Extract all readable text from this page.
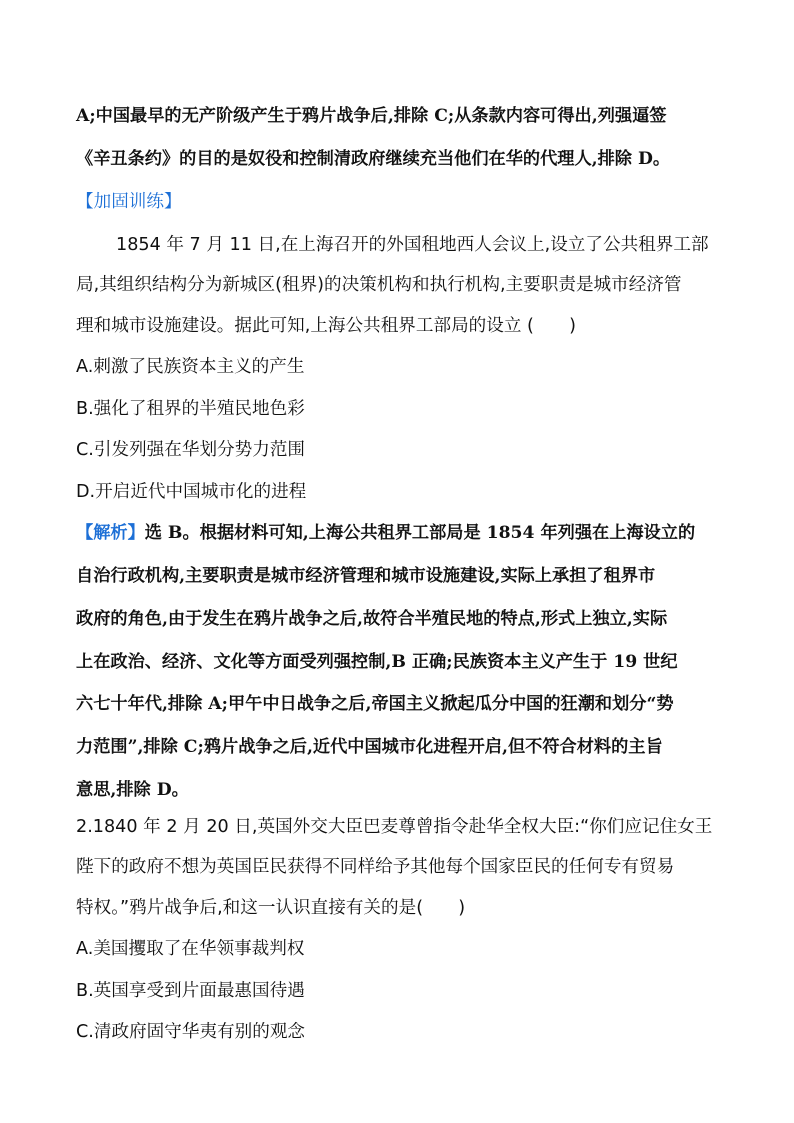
A;中国最早的无产阶级产生于鸦片战争后,排除 C;从条款内容可得出,列强逼签
《辛丑条约》的目的是奴役和控制清政府继续充当他们在华的代理人,排除 D。
【加固训练】
1854 年 7 月 11 日,在上海召开的外国租地西人会议上,设立了公共租界工部
局,其组织结构分为新城区(租界)的决策机构和执行机构,主要职责是城市经济管
理和城市设施建设。据此可知,上海公共租界工部局的设立 (　　)
A.刺激了民族资本主义的产生
B.强化了租界的半殖民地色彩
C.引发列强在华划分势力范围
D.开启近代中国城市化的进程
【解析】选 B。根据材料可知,上海公共租界工部局是 1854 年列强在上海设立的
自治行政机构,主要职责是城市经济管理和城市设施建设,实际上承担了租界市
政府的角色,由于发生在鸦片战争之后,故符合半殖民地的特点,形式上独立,实际
上在政治、经济、文化等方面受列强控制,B 正确;民族资本主义产生于 19 世纪
六七十年代,排除 A;甲午中日战争之后,帝国主义掀起瓜分中国的狂潮和划分“势
力范围”,排除 C;鸦片战争之后,近代中国城市化进程开启,但不符合材料的主旨
意思,排除 D。
2.1840 年 2 月 20 日,英国外交大臣巴麦尊曾指令赴华全权大臣:“你们应记住女王
陛下的政府不想为英国臣民获得不同样给予其他每个国家臣民的任何专有贸易
特权。”鸦片战争后,和这一认识直接有关的是(　　)
A.美国攫取了在华领事裁判权
B.英国享受到片面最惠国待遇
C.清政府固守华夷有别的观念
